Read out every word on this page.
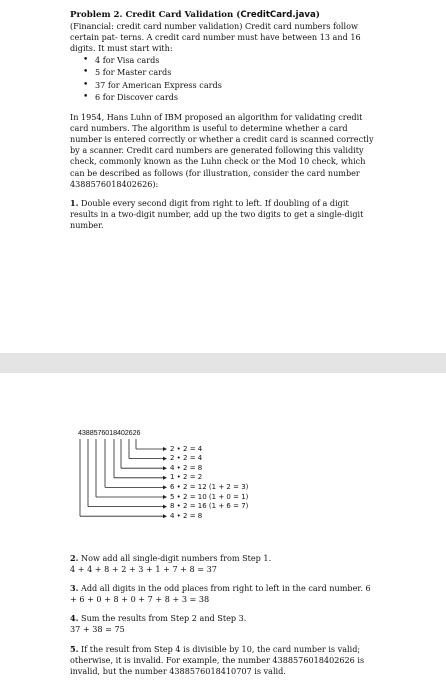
Problem 2. Credit Card Validation (CreditCard.java)

(Financial: credit card number validation) Credit card numbers follow certain pat- terns. A credit card number must have between 13 and 16 digits. It must start with:

• 4 for Visa cards
• 5 for Master cards
• 37 for American Express cards
• 6 for Discover cards

In 1954, Hans Luhn of IBM proposed an algorithm for validating credit card numbers. The algorithm is useful to determine whether a card number is entered correctly or whether a credit card is scanned correctly by a scanner. Credit card numbers are generated following this validity check, commonly known as the Luhn check or the Mod 10 check, which can be described as follows (for illustration, consider the card number 4388576018402626):

1. Double every second digit from right to left. If doubling of a digit results in a two-digit number, add up the two digits to get a single-digit number.

4388576018402626
2 • 2 = 4
2 • 2 = 4
4 • 2 = 8
1 • 2 = 2
6 • 2 = 12 (1 + 2 = 3)
5 • 2 = 10 (1 + 0 = 1)
8 • 2 = 16 (1 + 6 = 7)
4 • 2 = 8

2. Now add all single-digit numbers from Step 1.

4 + 4 + 8 + 2 + 3 + 1 + 7 + 8 = 37

3. Add all digits in the odd places from right to left in the card number. 6 + 6 + 0 + 8 + 0 + 7 + 8 + 3 = 38

4. Sum the results from Step 2 and Step 3.

37 + 38 = 75

5. If the result from Step 4 is divisible by 10, the card number is valid; otherwise, it is invalid. For example, the number 4388576018402626 is invalid, but the number 4388576018410707 is valid.
